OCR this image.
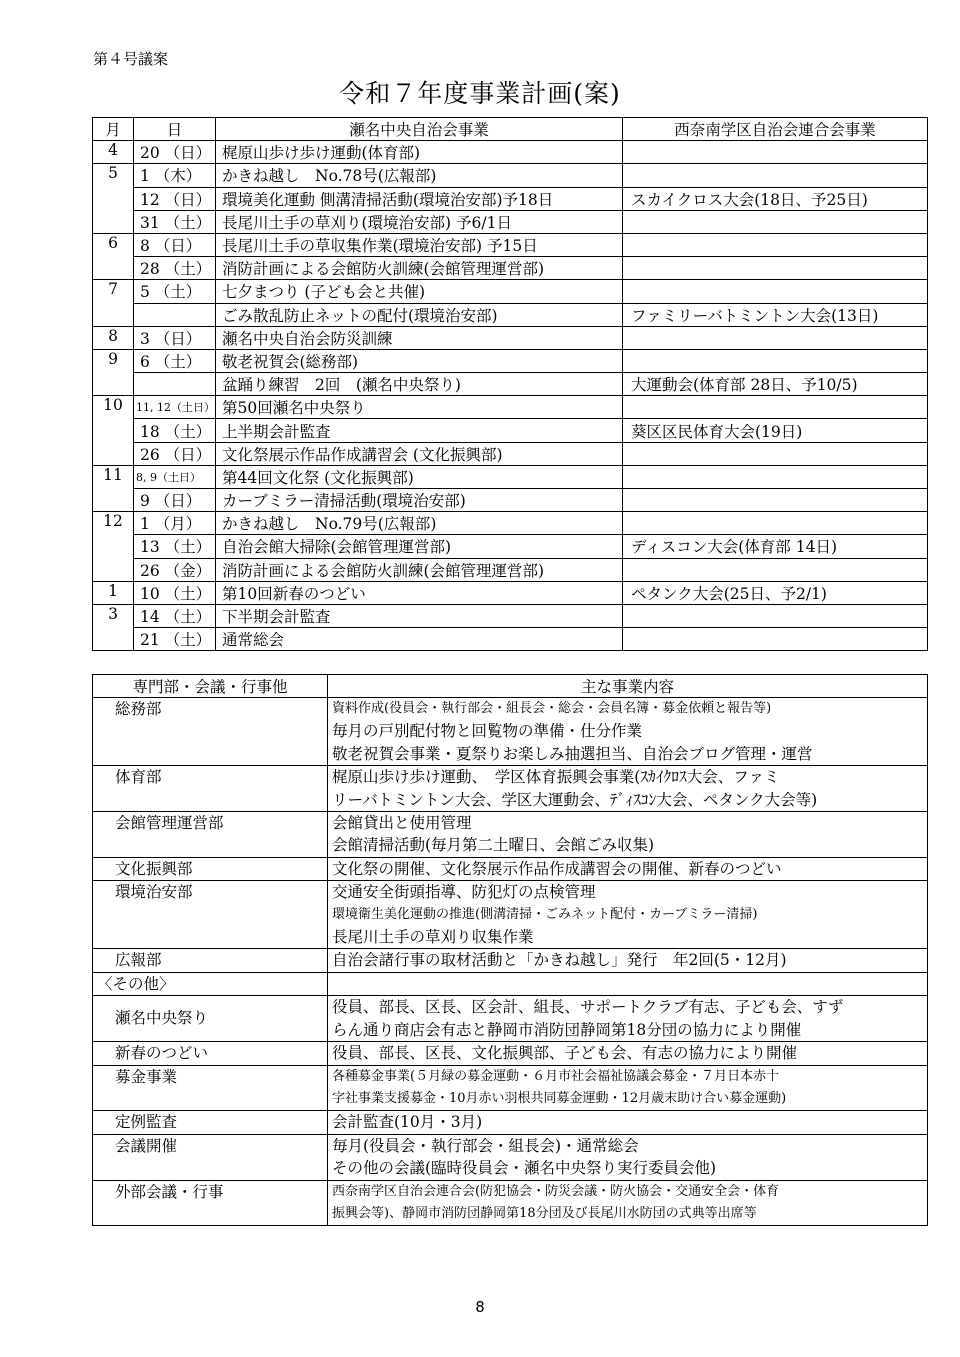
第４号議案
令和７年度事業計画(案)
月	日	瀬名中央自治会事業	西奈南学区自治会連合会事業
4	20 （日）	梶原山歩け歩け運動(体育部)	
5	1 （木）	かきね越し　No.78号(広報部)	
	12 （日）	環境美化運動 側溝清掃活動(環境治安部)予18日	スカイクロス大会(18日、予25日)
	31 （土）	長尾川土手の草刈り(環境治安部) 予6/1日	
6	8 （日）	長尾川土手の草収集作業(環境治安部) 予15日	
	28 （土）	消防計画による会館防火訓練(会館管理運営部)	
7	5 （土）	七夕まつり (子ども会と共催)	
		ごみ散乱防止ネットの配付(環境治安部)	ファミリーバトミントン大会(13日)
8	3 （日）	瀬名中央自治会防災訓練	
9	6 （土）	敬老祝賀会(総務部)	
		盆踊り練習　2回　(瀬名中央祭り)	大運動会(体育部 28日、予10/5)
10	11, 12（土日）	第50回瀬名中央祭り	
	18 （土）	上半期会計監査	葵区区民体育大会(19日)
	26 （日）	文化祭展示作品作成講習会 (文化振興部)	
11	8, 9（土日）	第44回文化祭 (文化振興部)	
	9 （日）	カーブミラー清掃活動(環境治安部)	
12	1 （月）	かきね越し　No.79号(広報部)	
	13 （土）	自治会館大掃除(会館管理運営部)	ディスコン大会(体育部 14日)
	26 （金）	消防計画による会館防火訓練(会館管理運営部)	
1	10 （土）	第10回新春のつどい	ペタンク大会(25日、予2/1)
3	14 （土）	下半期会計監査	
	21 （土）	通常総会	
専門部・会議・行事他	主な事業内容
総務部	資料作成(役員会・執行部会・組長会・総会・会員名簿・募金依頼と報告等)
毎月の戸別配付物と回覧物の準備・仕分作業
敬老祝賀会事業・夏祭りお楽しみ抽選担当、自治会ブログ管理・運営

体育部	梶原山歩け歩け運動、　学区体育振興会事業(ｽｶｲｸﾛｽ大会、ファミ
リーバトミントン大会、学区大運動会、ﾃﾞｨｽｺﾝ大会、ペタンク大会等)

会館管理運営部	会館貸出と使用管理
会館清掃活動(毎月第二土曜日、会館ごみ収集)

文化振興部	文化祭の開催、文化祭展示作品作成講習会の開催、新春のつどい

環境治安部	交通安全街頭指導、防犯灯の点検管理
環境衛生美化運動の推進(側溝清掃・ごみネット配付・カーブミラー清掃)
長尾川土手の草刈り収集作業

広報部	自治会諸行事の取材活動と「かきね越し」発行　年2回(5・12月)

〈その他〉	
瀬名中央祭り	役員、部長、区長、区会計、組長、サポートクラブ有志、子ども会、すず
らん通り商店会有志と静岡市消防団静岡第18分団の協力により開催

新春のつどい	役員、部長、区長、文化振興部、子ども会、有志の協力により開催

募金事業	各種募金事業(５月緑の募金運動・６月市社会福祉協議会募金・７月日本赤十
字社事業支援募金・10月赤い羽根共同募金運動・12月歳末助け合い募金運動)

定例監査	会計監査(10月・3月)

会議開催	毎月(役員会・執行部会・組長会)・通常総会
その他の会議(臨時役員会・瀬名中央祭り実行委員会他)

外部会議・行事	西奈南学区自治会連合会(防犯協会・防災会議・防火協会・交通安全会・体育
振興会等)、静岡市消防団静岡第18分団及び長尾川水防団の式典等出席等
8
